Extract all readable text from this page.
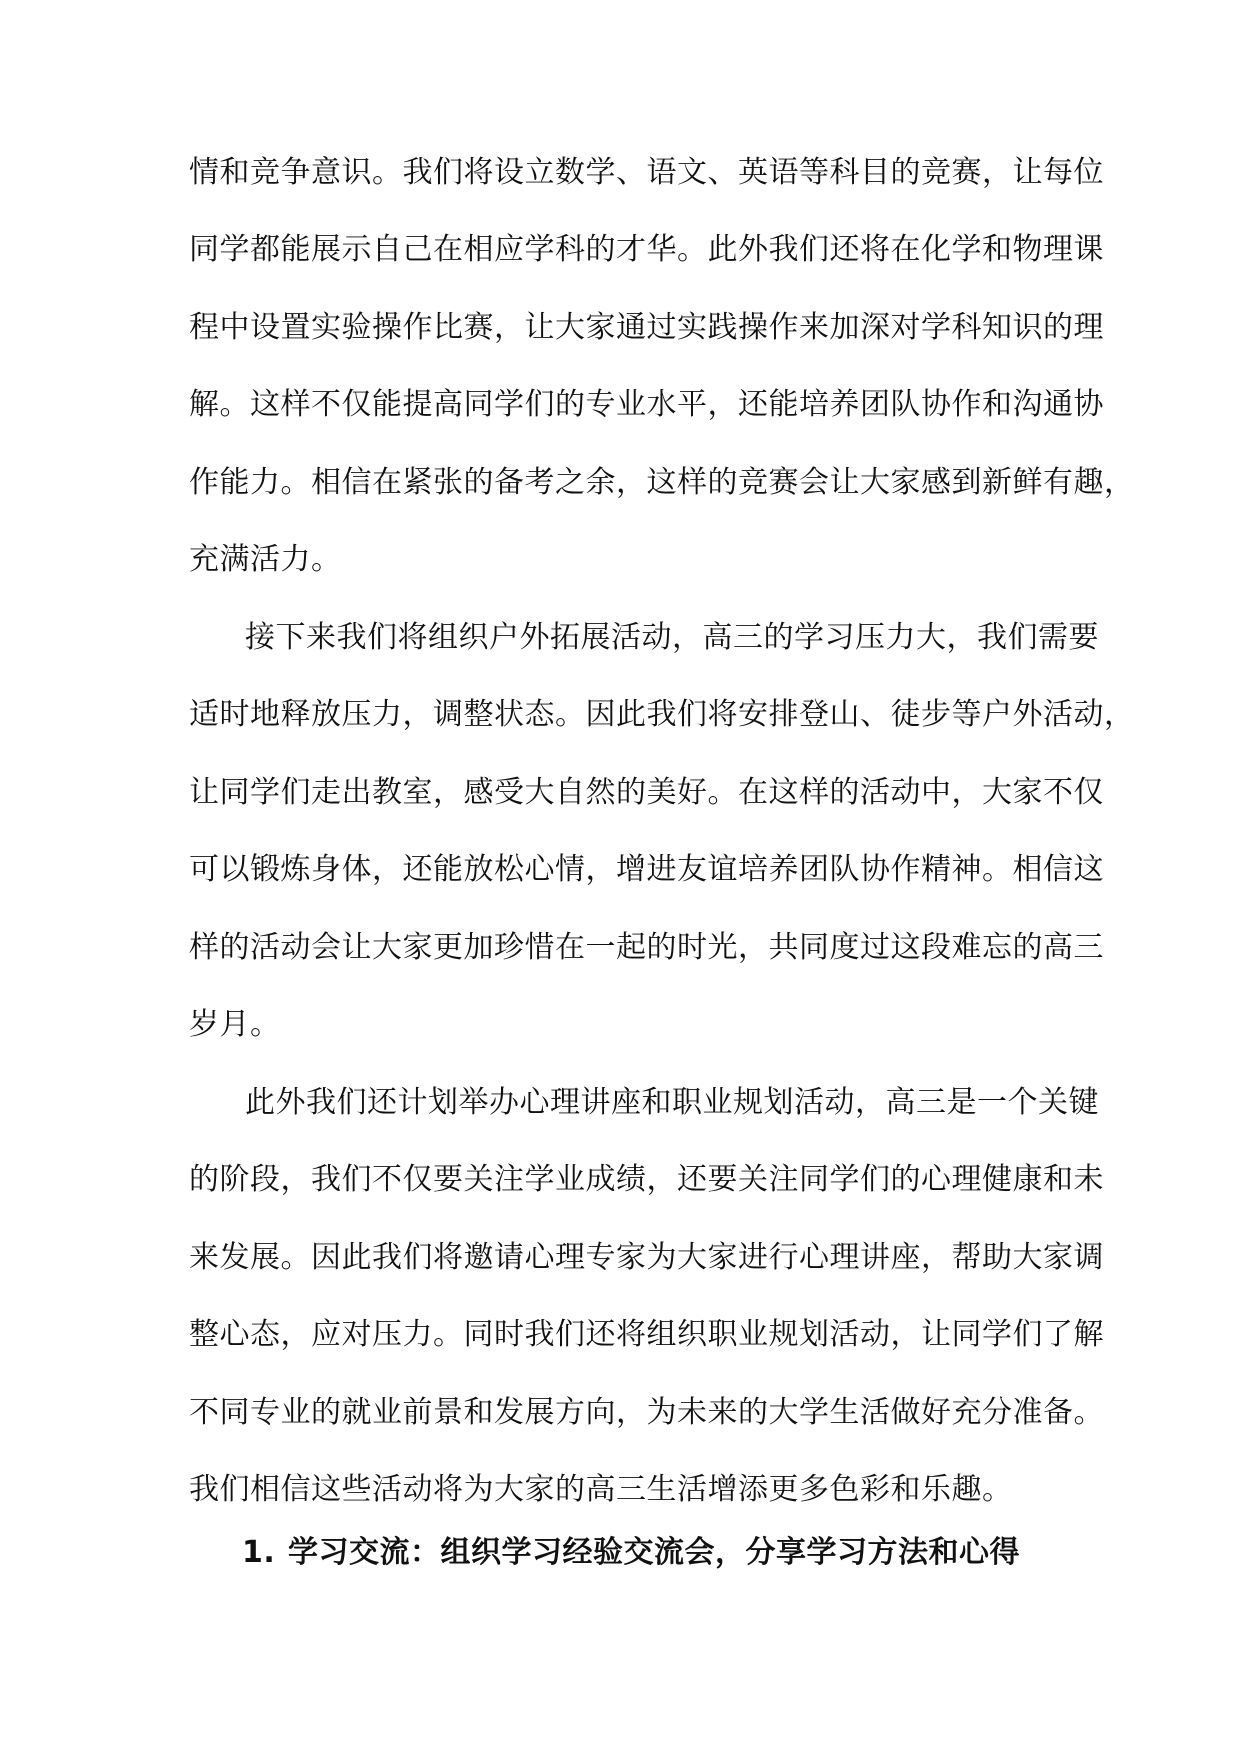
情和竞争意识。我们将设立数学、语文、英语等科目的竞赛，让每位
同学都能展示自己在相应学科的才华。此外我们还将在化学和物理课
程中设置实验操作比赛，让大家通过实践操作来加深对学科知识的理
解。这样不仅能提高同学们的专业水平，还能培养团队协作和沟通协
作能力。相信在紧张的备考之余，这样的竞赛会让大家感到新鲜有趣，
充满活力。
接下来我们将组织户外拓展活动，高三的学习压力大，我们需要
适时地释放压力，调整状态。因此我们将安排登山、徒步等户外活动，
让同学们走出教室，感受大自然的美好。在这样的活动中，大家不仅
可以锻炼身体，还能放松心情，增进友谊培养团队协作精神。相信这
样的活动会让大家更加珍惜在一起的时光，共同度过这段难忘的高三
岁月。
此外我们还计划举办心理讲座和职业规划活动，高三是一个关键
的阶段，我们不仅要关注学业成绩，还要关注同学们的心理健康和未
来发展。因此我们将邀请心理专家为大家进行心理讲座，帮助大家调
整心态，应对压力。同时我们还将组织职业规划活动，让同学们了解
不同专业的就业前景和发展方向，为未来的大学生活做好充分准备。
我们相信这些活动将为大家的高三生活增添更多色彩和乐趣。
1. 学习交流：组织学习经验交流会，分享学习方法和心得
